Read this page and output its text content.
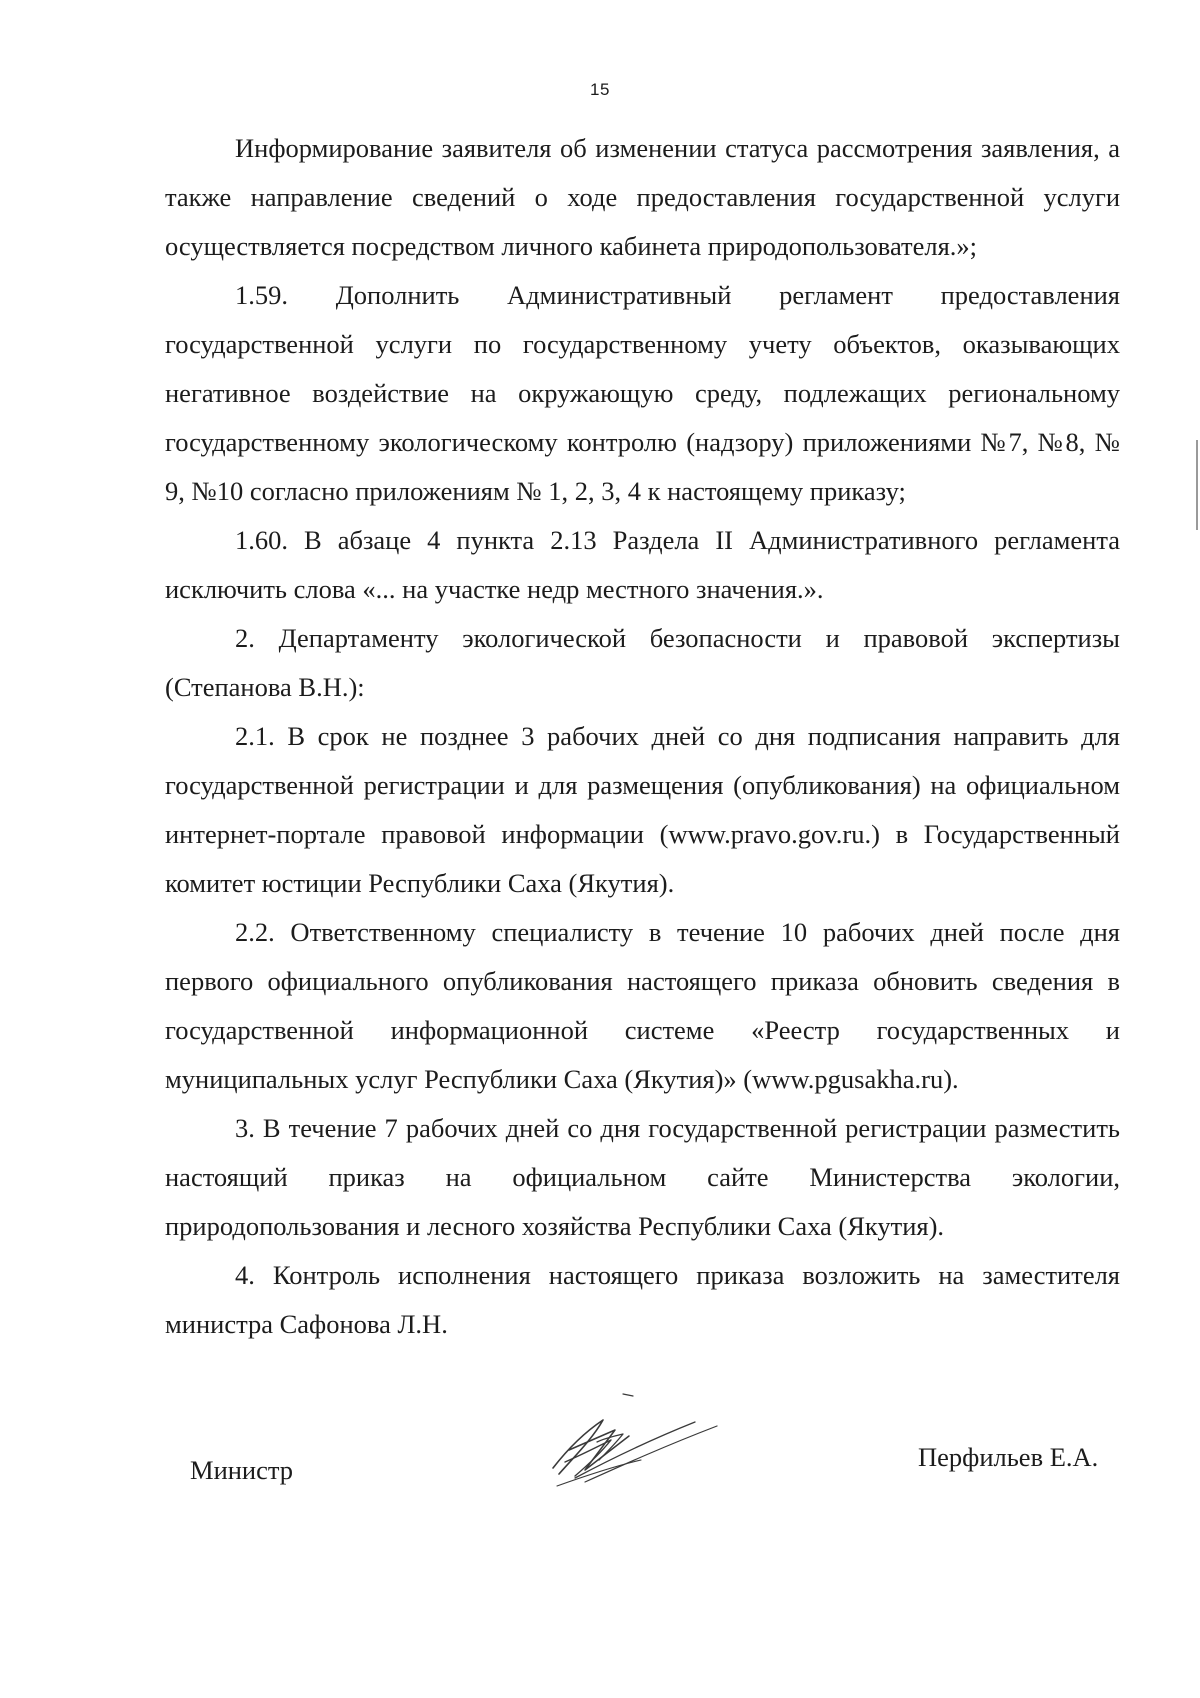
15

Информирование заявителя об изменении статуса рассмотрения заявления, а также направление сведений о ходе предоставления государственной услуги осуществляется посредством личного кабинета природопользователя.»;

1.59. Дополнить Административный регламент предоставления государственной услуги по государственному учету объектов, оказывающих негативное воздействие на окружающую среду, подлежащих региональному государственному экологическому контролю (надзору) приложениями №7, №8, № 9, №10 согласно приложениям № 1, 2, 3, 4 к настоящему приказу;

1.60. В абзаце 4 пункта 2.13 Раздела II Административного регламента исключить слова «... на участке недр местного значения.».

2. Департаменту экологической безопасности и правовой экспертизы (Степанова В.Н.):

2.1. В срок не позднее 3 рабочих дней со дня подписания направить для государственной регистрации и для размещения (опубликования) на официальном интернет-портале правовой информации (www.pravo.gov.ru.) в Государственный комитет юстиции Республики Саха (Якутия).

2.2. Ответственному специалисту в течение 10 рабочих дней после дня первого официального опубликования настоящего приказа обновить сведения в государственной информационной системе «Реестр государственных и муниципальных услуг Республики Саха (Якутия)» (www.pgusakha.ru).

3. В течение 7 рабочих дней со дня государственной регистрации разместить настоящий приказ на официальном сайте Министерства экологии, природопользования и лесного хозяйства Республики Саха (Якутия).

4. Контроль исполнения настоящего приказа возложить на заместителя министра Сафонова Л.Н.

Министр	Перфильев Е.А.
